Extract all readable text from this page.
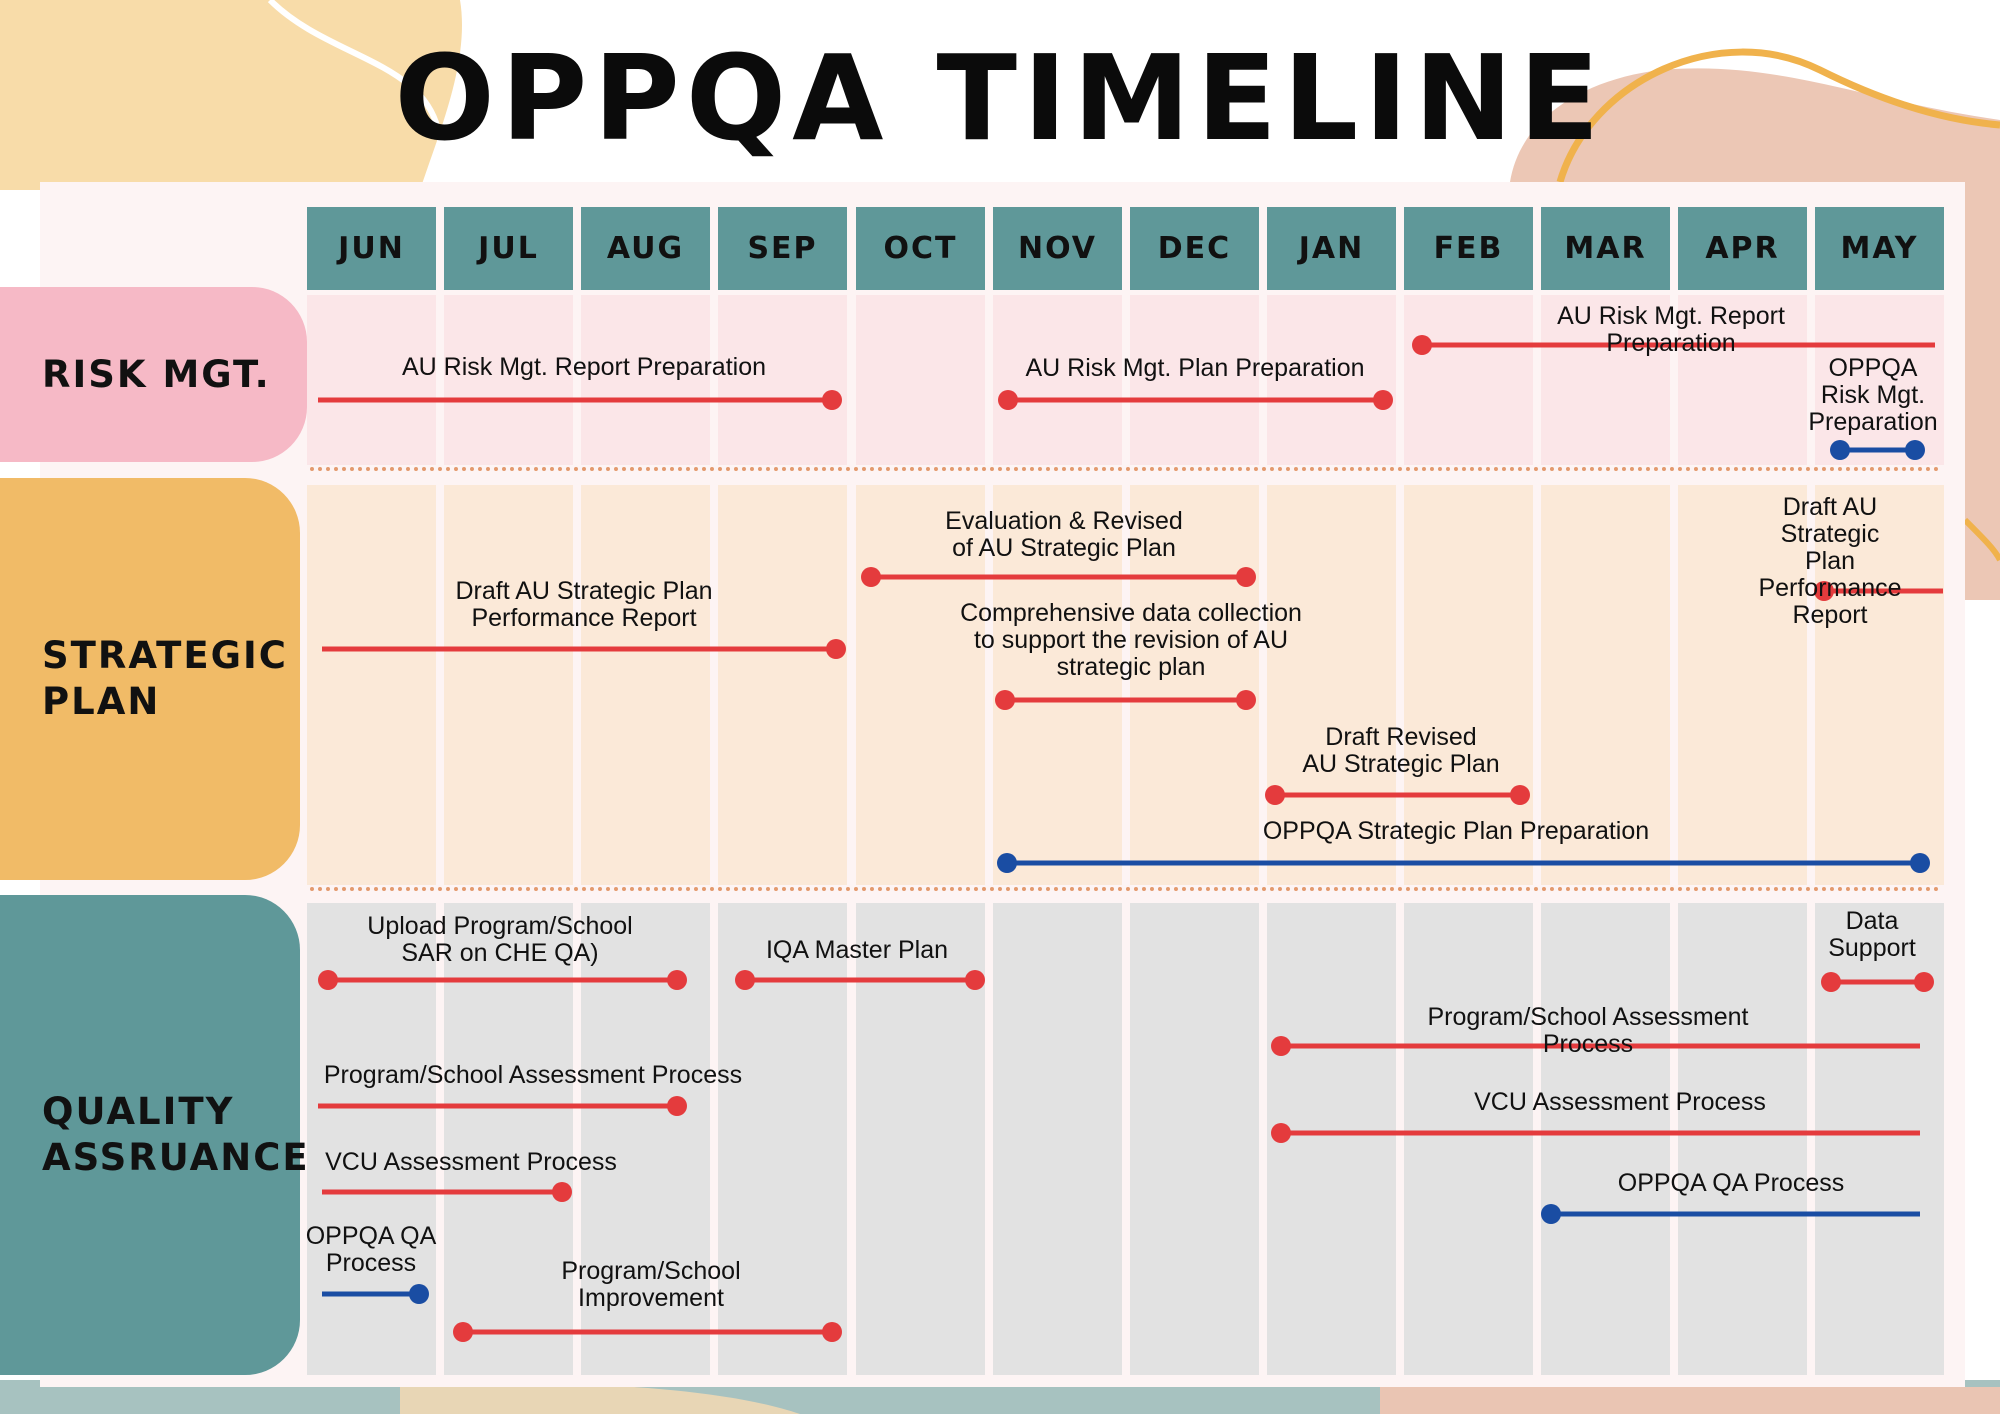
OPPQA TIMELINE
RISK MGT.
STRATEGIC
PLAN
QUALITY
ASSRUANCE
JUN	JUL	AUG	SEP	OCT	NOV	DEC	JAN	FEB	MAR	APR	MAY
AU Risk Mgt. Report Preparation	AU Risk Mgt. Plan Preparation
AU Risk Mgt. Report Preparation
OPPQA
Risk Mgt.
Preparation
Draft AU Strategic Plan
Performance Report
Evaluation & Revised
of AU Strategic Plan
Comprehensive data collection
to support the revision of AU
strategic plan
Draft Revised
AU Strategic Plan
OPPQA Strategic Plan Preparation
Draft AU Strategic
Plan Performance
Report
Upload Program/School
SAR on CHE QA)	IQA Master Plan
Data
Support
Program/School Assessment Process
VCU Assessment Process
OPPQA QA
Process	Program/School
Improvement
Program/School Assessment Process
VCU Assessment Process
OPPQA QA Process
